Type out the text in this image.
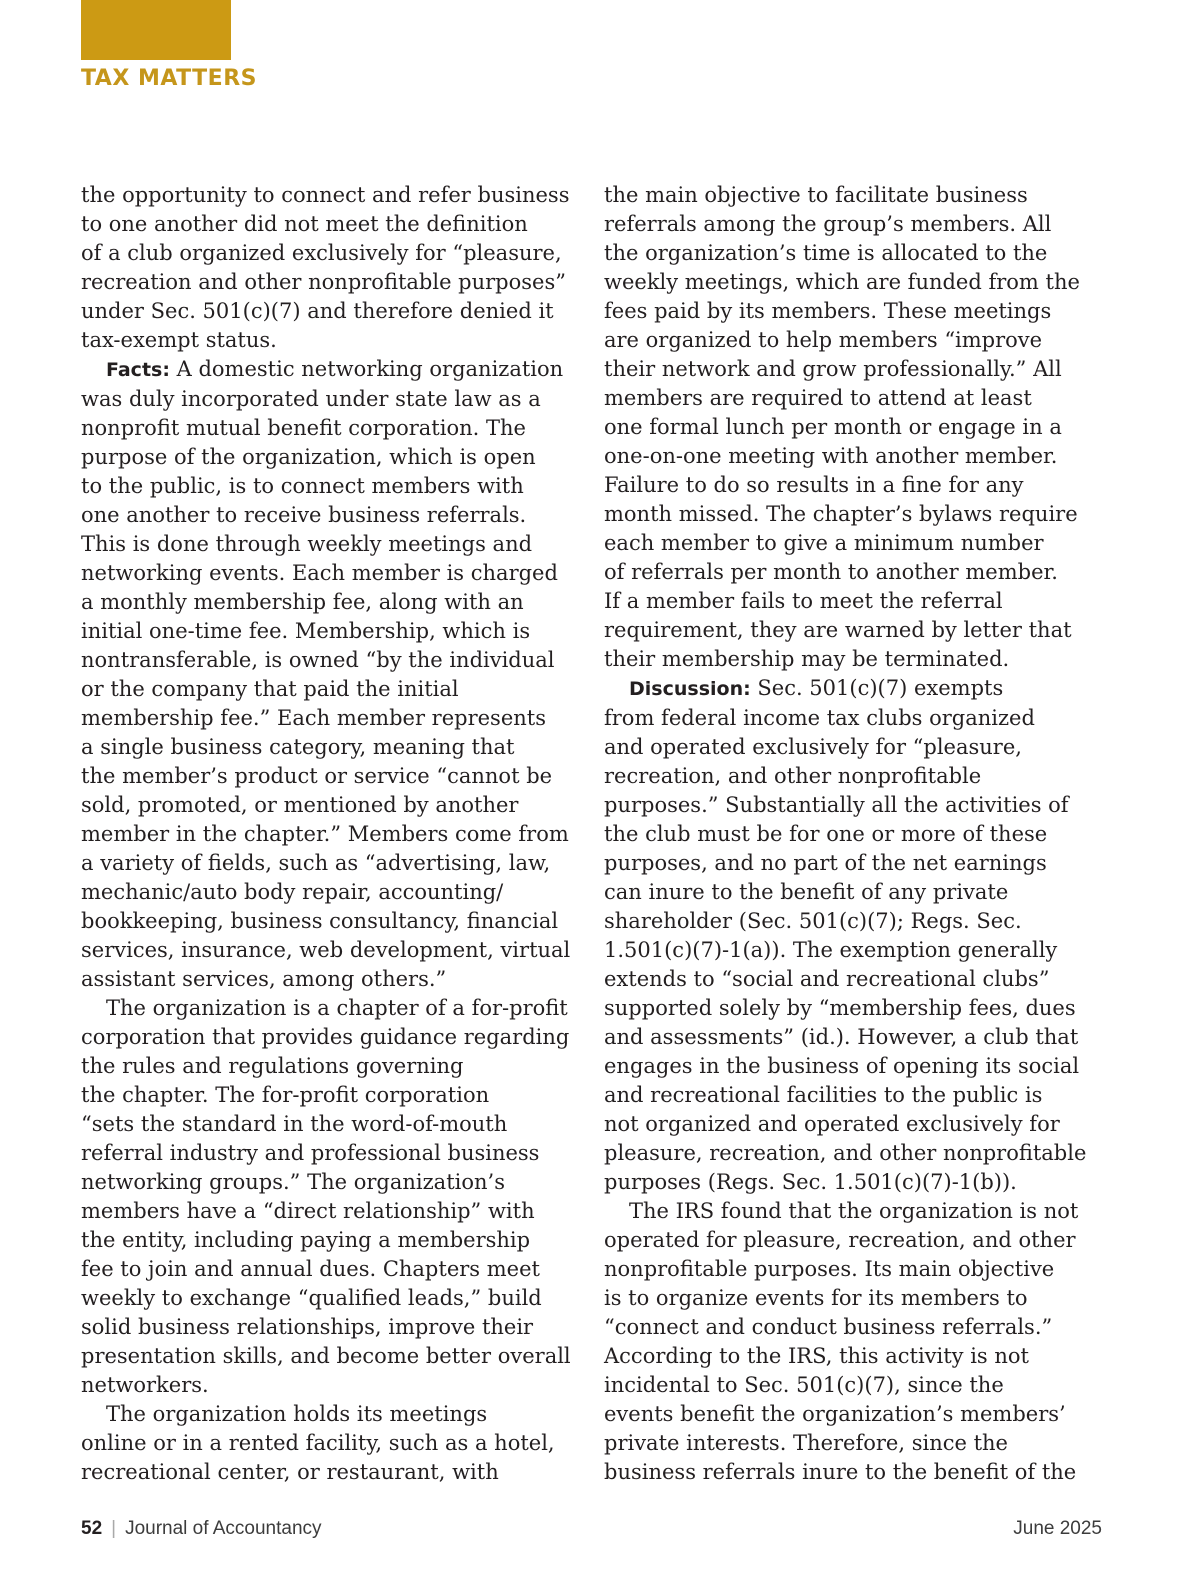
TAX MATTERS
the opportunity to connect and refer business
to one another did not meet the definition
of a club organized exclusively for “pleasure,
recreation and other nonprofitable purposes”
under Sec. 501(c)(7) and therefore denied it
tax-exempt status.
Facts: A domestic networking organization
was duly incorporated under state law as a
nonprofit mutual benefit corporation. The
purpose of the organization, which is open
to the public, is to connect members with
one another to receive business referrals.
This is done through weekly meetings and
networking events. Each member is charged
a monthly membership fee, along with an
initial one-time fee. Membership, which is
nontransferable, is owned “by the individual
or the company that paid the initial
membership fee.” Each member represents
a single business category, meaning that
the member’s product or service “cannot be
sold, promoted, or mentioned by another
member in the chapter.” Members come from
a variety of fields, such as “advertising, law,
mechanic/auto body repair, accounting/
bookkeeping, business consultancy, financial
services, insurance, web development, virtual
assistant services, among others.”
The organization is a chapter of a for-profit
corporation that provides guidance regarding
the rules and regulations governing
the chapter. The for-profit corporation
“sets the standard in the word-of-mouth
referral industry and professional business
networking groups.” The organization’s
members have a “direct relationship” with
the entity, including paying a membership
fee to join and annual dues. Chapters meet
weekly to exchange “qualified leads,” build
solid business relationships, improve their
presentation skills, and become better overall
networkers.
The organization holds its meetings
online or in a rented facility, such as a hotel,
recreational center, or restaurant, with
the main objective to facilitate business
referrals among the group’s members. All
the organization’s time is allocated to the
weekly meetings, which are funded from the
fees paid by its members. These meetings
are organized to help members “improve
their network and grow professionally.” All
members are required to attend at least
one formal lunch per month or engage in a
one-on-one meeting with another member.
Failure to do so results in a fine for any
month missed. The chapter’s bylaws require
each member to give a minimum number
of referrals per month to another member.
If a member fails to meet the referral
requirement, they are warned by letter that
their membership may be terminated.
Discussion: Sec. 501(c)(7) exempts
from federal income tax clubs organized
and operated exclusively for “pleasure,
recreation, and other nonprofitable
purposes.” Substantially all the activities of
the club must be for one or more of these
purposes, and no part of the net earnings
can inure to the benefit of any private
shareholder (Sec. 501(c)(7); Regs. Sec.
1.501(c)(7)-1(a)). The exemption generally
extends to “social and recreational clubs”
supported solely by “membership fees, dues
and assessments” (id.). However, a club that
engages in the business of opening its social
and recreational facilities to the public is
not organized and operated exclusively for
pleasure, recreation, and other nonprofitable
purposes (Regs. Sec. 1.501(c)(7)-1(b)).
The IRS found that the organization is not
operated for pleasure, recreation, and other
nonprofitable purposes. Its main objective
is to organize events for its members to
“connect and conduct business referrals.”
According to the IRS, this activity is not
incidental to Sec. 501(c)(7), since the
events benefit the organization’s members’
private interests. Therefore, since the
business referrals inure to the benefit of the
52 | Journal of Accountancy	June 2025
